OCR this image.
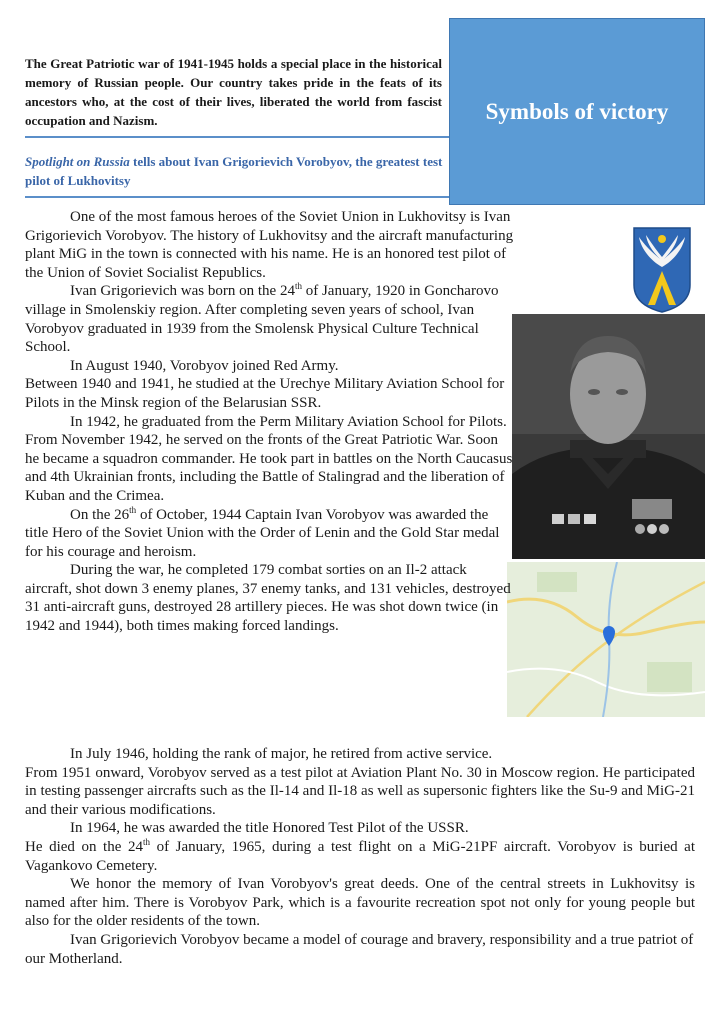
The Great Patriotic war of 1941-1945 holds a special place in the historical memory of Russian people. Our country takes pride in the feats of its ancestors who, at the cost of their lives, liberated the world from fascist occupation and Nazism.
Spotlight on Russia tells about Ivan Grigorievich Vorobyov, the greatest test pilot of Lukhovitsy
Symbols of victory

One of the most famous heroes of the Soviet Union in Lukhovitsy is Ivan Grigorievich Vorobyov. The history of Lukhovitsy and the aircraft manufacturing plant MiG in the town is connected with his name. He is an honored test pilot of the Union of Soviet Socialist Republics.

Ivan Grigorievich was born on the 24th of January, 1920 in Goncharovo village in Smolenskiy region. After completing seven years of school, Ivan Vorobyov graduated in 1939 from the Smolensk Physical Culture Technical School.

In August 1940, Vorobyov joined Red Army.

Between 1940 and 1941, he studied at the Urechye Military Aviation School for Pilots in the Minsk region of the Belarusian SSR.

In 1942, he graduated from the Perm Military Aviation School for Pilots. From November 1942, he served on the fronts of the Great Patriotic War. Soon he became a squadron commander. He took part in battles on the North Caucasus and 4th Ukrainian fronts, including the Battle of Stalingrad and the liberation of Kuban and the Crimea.

On the 26th of October, 1944 Captain Ivan Vorobyov was awarded the title Hero of the Soviet Union with the Order of Lenin and the Gold Star medal for his courage and heroism.

During the war, he completed 179 combat sorties on an Il-2 attack aircraft, shot down 3 enemy planes, 37 enemy tanks, and 131 vehicles, destroyed 31 anti-aircraft guns, destroyed 28 artillery pieces. He was shot down twice (in 1942 and 1944), both times making forced landings.

In July 1946, holding the rank of major, he retired from active service.

From 1951 onward, Vorobyov served as a test pilot at Aviation Plant No. 30 in Moscow region. He participated in testing passenger aircrafts such as the Il-14 and Il-18 as well as supersonic fighters like the Su-9 and MiG-21 and their various modifications.

In 1964, he was awarded the title Honored Test Pilot of the USSR.

He died on the 24th of January, 1965, during a test flight on a MiG-21PF aircraft. Vorobyov is buried at Vagankovo Cemetery.

We honor the memory of Ivan Vorobyov's great deeds. One of the central streets in Lukhovitsy is named after him. There is Vorobyov Park, which is a favourite recreation spot not only for young people but also for the older residents of the town.

Ivan Grigorievich Vorobyov became a model of courage and bravery, responsibility and a true patriot of our Motherland.
